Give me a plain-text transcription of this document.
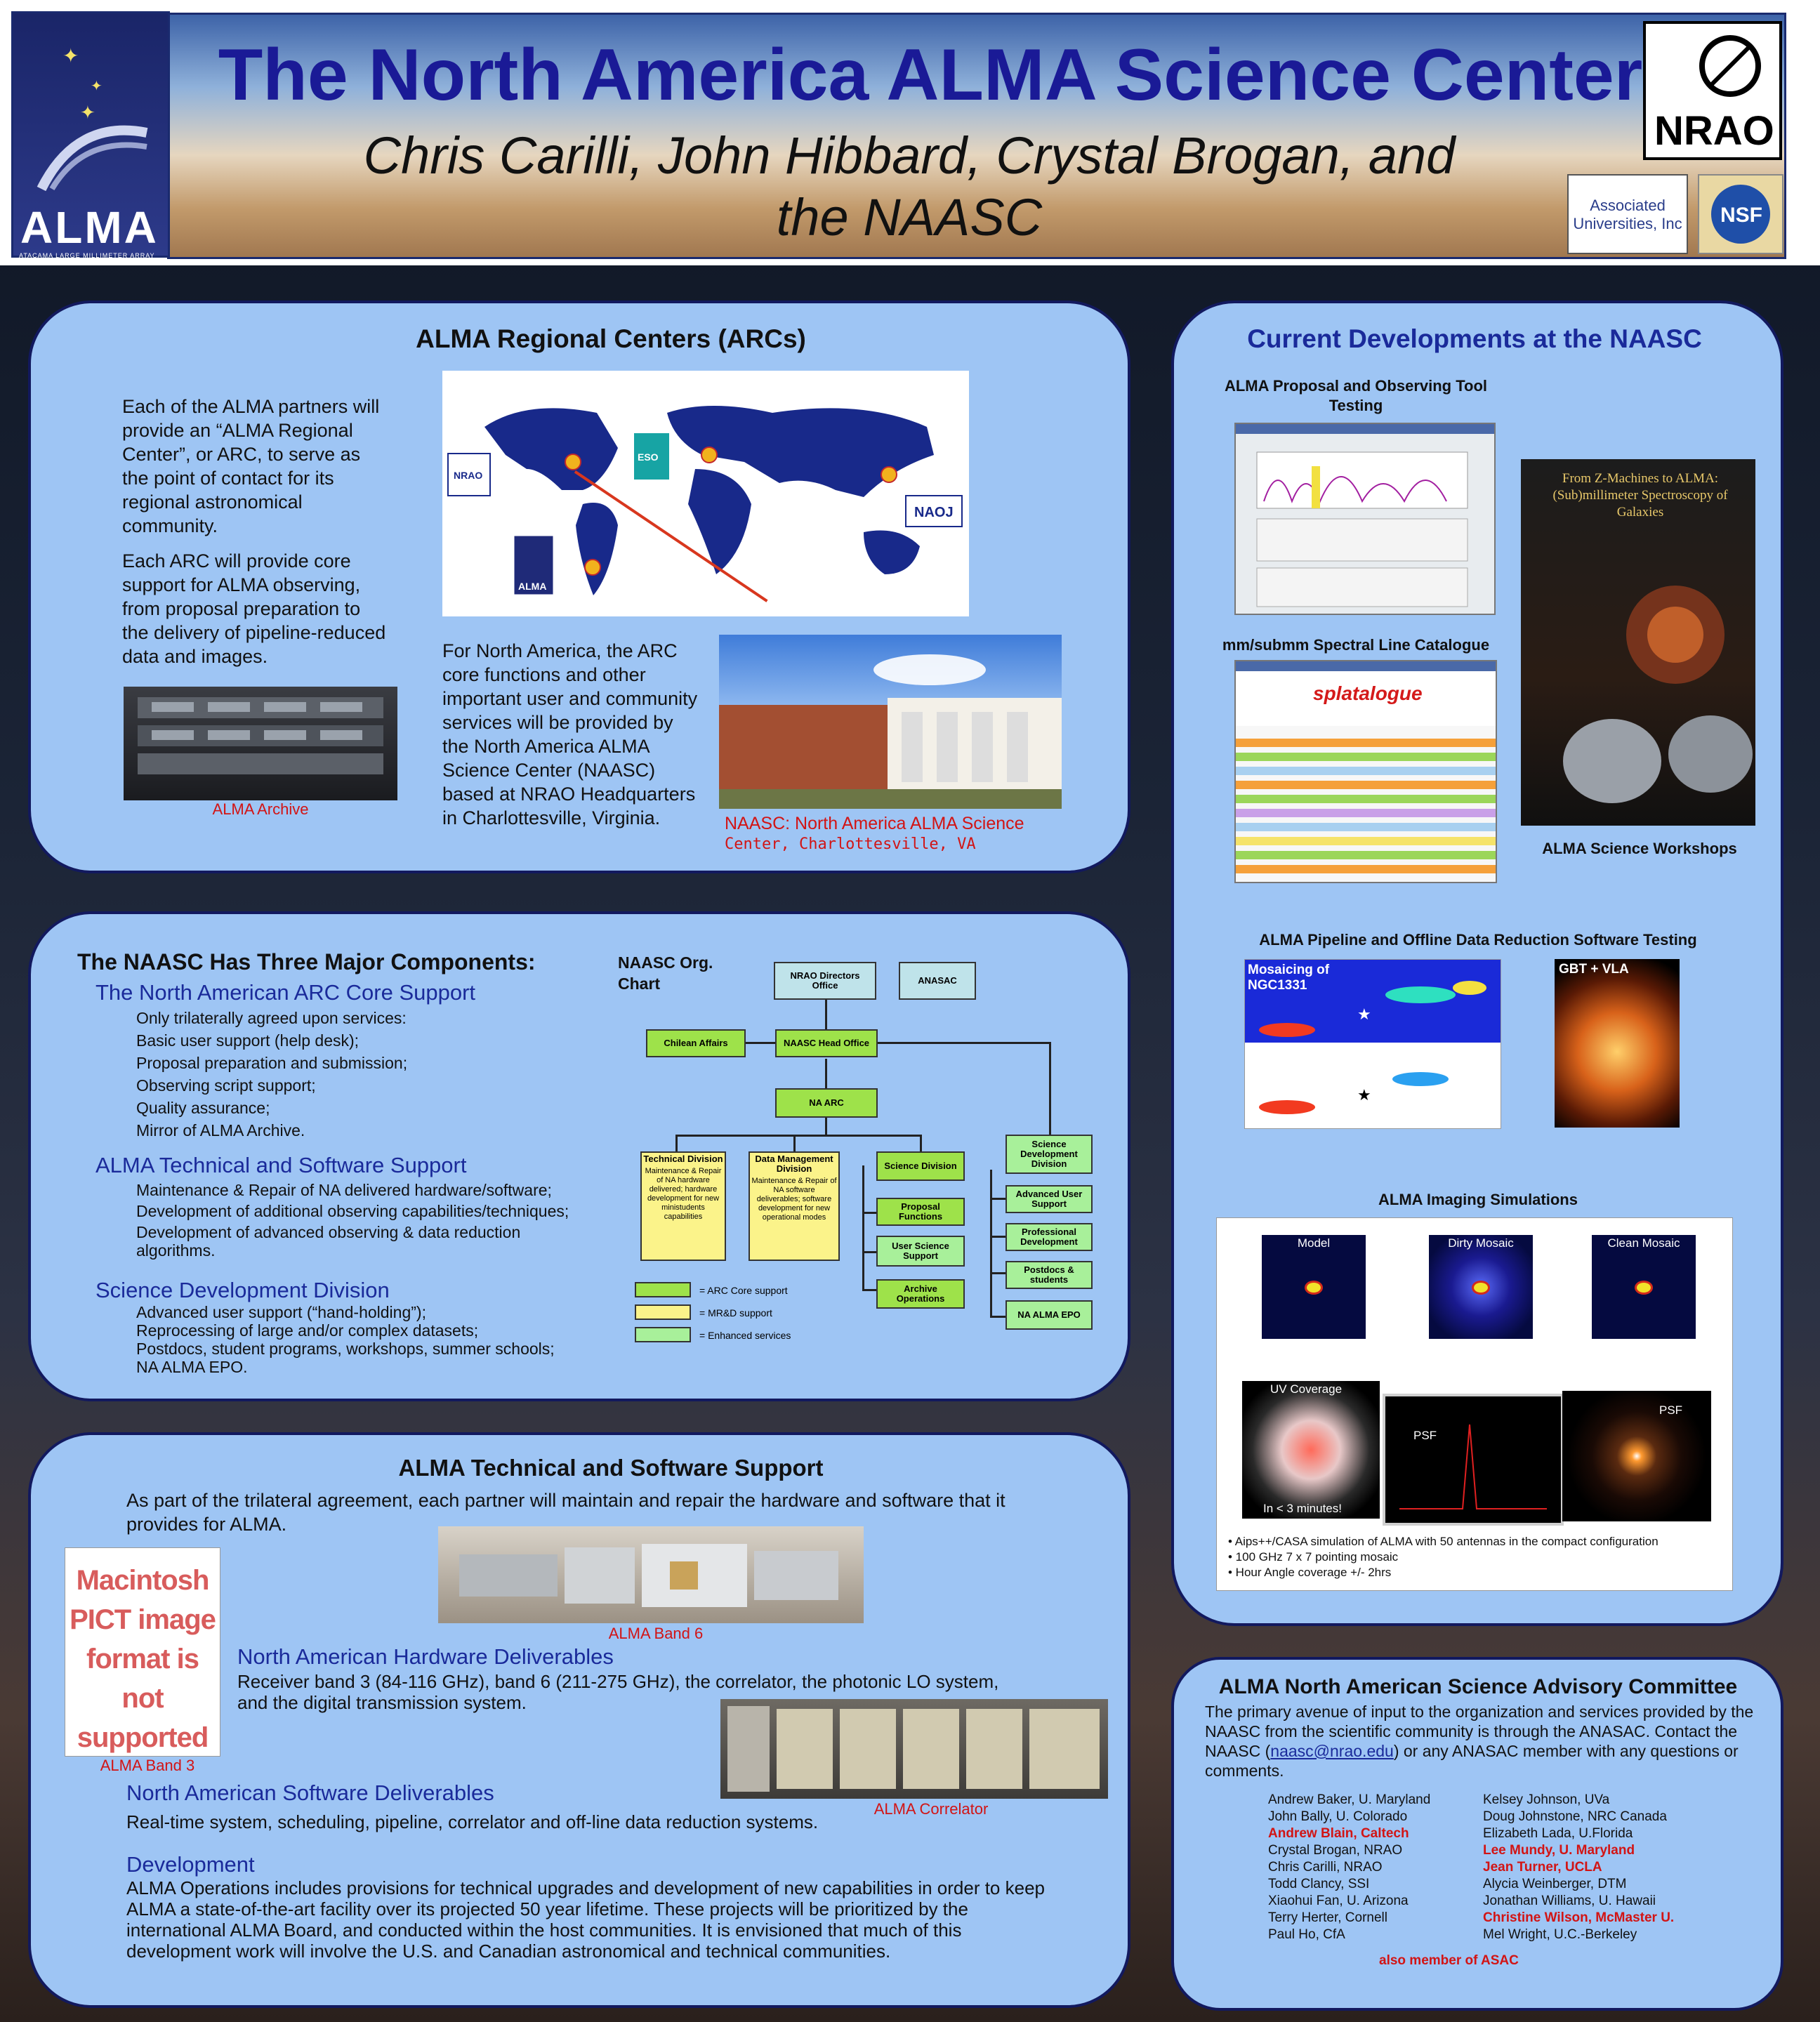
✦
✦
✦
ALMA
ATACAMA LARGE MILLIMETER ARRAY
The North America ALMA Science Center
Chris Carilli, John Hibbard, Crystal Brogan, and
the NAASC
NRAO
Associated Universities, Inc NSF
ALMA Regional Centers (ARCs)
Each of the ALMA partners will provide an “ALMA Regional Center”, or ARC, to serve as the point of contact for its regional astronomical community.
Each ARC will provide core support for ALMA observing, from proposal preparation to the delivery of pipeline-reduced data and images.
ALMA Archive
NRAO
ESO
NAOJ
ALMA
For North America, the ARC core functions and other important user and community services will be provided by the North America ALMA Science Center (NAASC) based at NRAO Headquarters in Charlottesville, Virginia.	NAASC: North America ALMA Science
Center, Charlottesville, VA
The NAASC Has Three Major Components:
The North American ARC Core Support
Only trilaterally agreed upon services:
Basic user support (help desk);
Proposal preparation and submission;
Observing script support;
Quality assurance;
Mirror of ALMA Archive.
ALMA Technical and Software Support
Maintenance & Repair of NA delivered hardware/software;
Development of additional observing capabilities/techniques;
Development of advanced observing & data reduction
algorithms.
Science Development Division
Advanced user support (“hand-holding”);
Reprocessing of large and/or complex datasets;
Postdocs, student programs, workshops, summer schools;
NA ALMA EPO.
NAASC Org. Chart	NRAO Directors Office	ANASAC
Chilean Affairs	NAASC Head Office
NA ARC
Technical Division
Maintenance & Repair of NA hardware delivered; hardware development for new ministudents capabilities
Data Management Division
Maintenance & Repair of NA software deliverables; software development for new operational modes
Science Division
Proposal Functions
User Science Support
Archive Operations
Science Development Division
Advanced User Support
Professional Development
Postdocs & students
NA ALMA EPO
= ARC Core support
= MR&D support
= Enhanced services
ALMA Technical and Software Support
As part of the trilateral agreement, each partner will maintain and repair the hardware and software that it provides for ALMA.
ALMA Band 6
Macintosh PICT image format is not supported
ALMA Band 3
North American Hardware Deliverables
Receiver band 3 (84-116 GHz), band 6 (211-275 GHz), the correlator, the photonic LO system, and the digital transmission system.
ALMA Correlator
North American Software Deliverables
Real-time system, scheduling, pipeline, correlator and off-line data reduction systems.
Development
ALMA Operations includes provisions for technical upgrades and development of new capabilities in order to keep ALMA a state-of-the-art facility over its projected 50 year lifetime. These projects will be prioritized by the international ALMA Board, and conducted within the host communities. It is envisioned that much of this development work will involve the U.S. and Canadian astronomical and technical communities.
Current Developments at the NAASC
ALMA Proposal and Observing Tool Testing
From Z-Machines to ALMA: (Sub)millimeter Spectroscopy of Galaxies
mm/submm Spectral Line Catalogue
splatalogue
ALMA Science Workshops
ALMA Pipeline and Offline Data Reduction Software Testing
★
★
Mosaicing of NGC1331
GBT + VLA
ALMA Imaging Simulations
Model	Dirty Mosaic	Clean Mosaic
UV Coverage
In < 3 minutes!
PSF
PSF
• Aips++/CASA simulation of ALMA with 50 antennas in the compact configuration
• 100 GHz 7 x 7 pointing mosaic
• Hour Angle coverage +/- 2hrs
ALMA North American Science Advisory Committee
The primary avenue of input to the organization and services provided by the NAASC from the scientific community is through the ANASAC. Contact the NAASC (naasc@nrao.edu) or any ANASAC member with any questions or comments.
Andrew Baker, U. Maryland
John Bally, U. Colorado
Andrew Blain, Caltech
Crystal Brogan, NRAO
Chris Carilli, NRAO
Todd Clancy, SSI
Xiaohui Fan, U. Arizona
Terry Herter, Cornell
Paul Ho, CfA
Kelsey Johnson, UVa
Doug Johnstone, NRC Canada
Elizabeth Lada, U.Florida
Lee Mundy, U. Maryland
Jean Turner, UCLA
Alycia Weinberger, DTM
Jonathan Williams, U. Hawaii
Christine Wilson, McMaster U.
Mel Wright, U.C.-Berkeley
also member of ASAC
